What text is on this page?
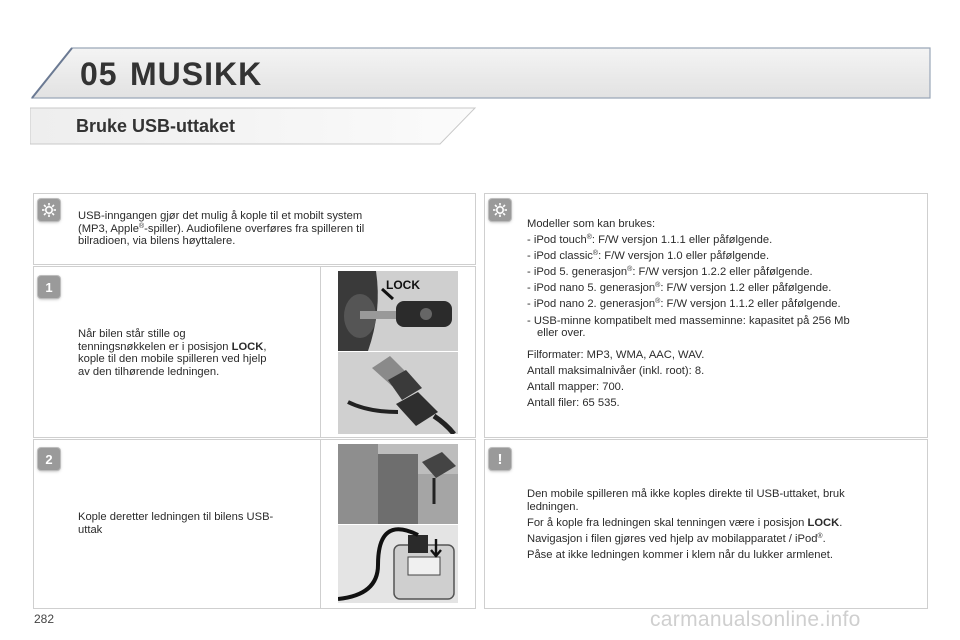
05 MUSIKK
Bruke USB-uttaket
USB-inngangen gjør det mulig å kople til et mobilt system
(MP3, Apple®-spiller). Audiofilene overføres fra spilleren til
bilradioen, via bilens høyttalere.
1
Når bilen står stille og
tenningsnøkkelen er i posisjon LOCK,
kople til den mobile spilleren ved hjelp
av den tilhørende ledningen.
LOCK
2
Kople deretter ledningen til bilens USB-
uttak
Modeller som kan brukes:
- iPod touch®: F/W versjon 1.1.1 eller påfølgende.
- iPod classic®: F/W versjon 1.0 eller påfølgende.
- iPod 5. generasjon®: F/W versjon 1.2.2 eller påfølgende.
- iPod nano 5. generasjon®: F/W versjon 1.2 eller påfølgende.
- iPod nano 2. generasjon®: F/W versjon 1.1.2 eller påfølgende.
- USB-minne kompatibelt med masseminne: kapasitet på 256 Mb
eller over.
Filformater: MP3, WMA, AAC, WAV.
Antall maksimalnivåer (inkl. root): 8.
Antall mapper: 700.
Antall filer: 65 535.
!
Den mobile spilleren må ikke koples direkte til USB-uttaket, bruk
ledningen.
For å kople fra ledningen skal tenningen være i posisjon LOCK.
Navigasjon i filen gjøres ved hjelp av mobilapparatet / iPod®.
Påse at ikke ledningen kommer i klem når du lukker armlenet.
282	carmanualsonline.info
